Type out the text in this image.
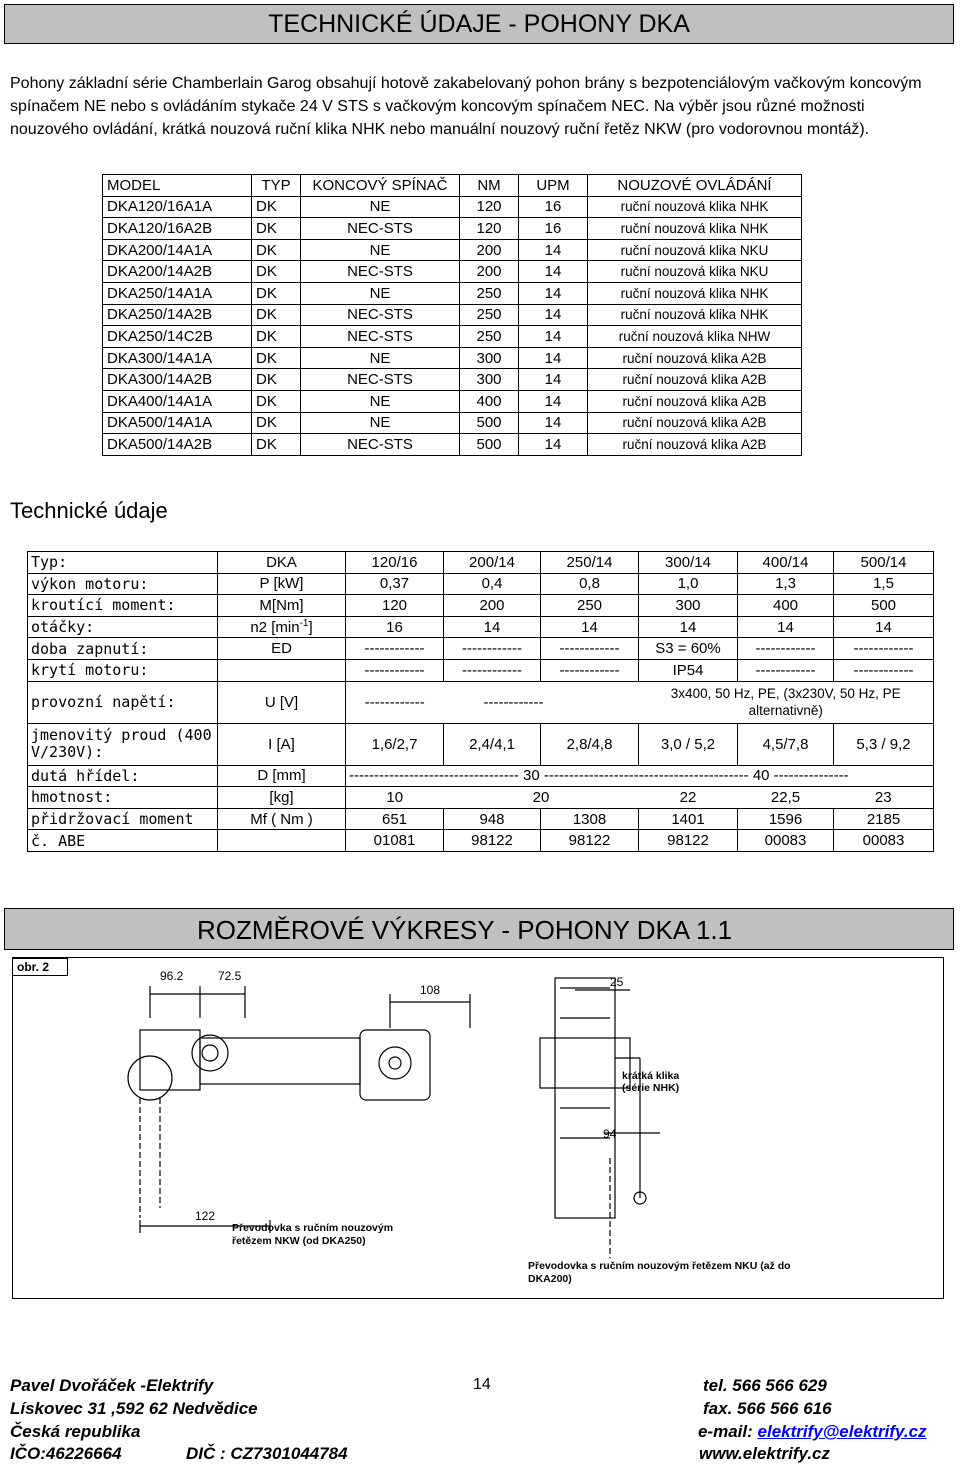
TECHNICKÉ ÚDAJE - POHONY DKA
Pohony základní série Chamberlain Garog obsahují hotově zakabelovaný pohon brány s bezpotenciálovým vačkovým koncovým spínačem NE nebo s ovládáním stykače 24 V STS s vačkovým koncovým spínačem NEC. Na výběr jsou různé možnosti nouzového ovládání, krátká nouzová ruční klika NHK nebo manuální nouzový ruční řetěz NKW (pro vodorovnou montáž).
MODEL	TYP	KONCOVÝ SPÍNAČ	NM	UPM	NOUZOVÉ OVLÁDÁNÍ
DKA120/16A1A	DK	NE	120	16	ruční nouzová klika NHK
DKA120/16A2B	DK	NEC-STS	120	16	ruční nouzová klika NHK
DKA200/14A1A	DK	NE	200	14	ruční nouzová klika NKU
DKA200/14A2B	DK	NEC-STS	200	14	ruční nouzová klika NKU
DKA250/14A1A	DK	NE	250	14	ruční nouzová klika NHK
DKA250/14A2B	DK	NEC-STS	250	14	ruční nouzová klika NHK
DKA250/14C2B	DK	NEC-STS	250	14	ruční nouzová klika NHW
DKA300/14A1A	DK	NE	300	14	ruční nouzová klika A2B
DKA300/14A2B	DK	NEC-STS	300	14	ruční nouzová klika A2B
DKA400/14A1A	DK	NE	400	14	ruční nouzová klika A2B
DKA500/14A1A	DK	NE	500	14	ruční nouzová klika A2B
DKA500/14A2B	DK	NEC-STS	500	14	ruční nouzová klika A2B
Technické údaje
Typ:	DKA	120/16	200/14	250/14	300/14	400/14	500/14
výkon motoru:	P [kW]	0,37	0,4	0,8	1,0	1,3	1,5
kroutící moment:	M[Nm]	120	200	250	300	400	500
otáčky:	n2 $[\min^{-1}]$	16	14	14	14	14	14
doba zapnutí:	ED	------------	------------	------------	S3 = 60%	------------	------------
krytí motoru:		------------	------------	------------	IP54	------------	------------
provozní napětí:	U [V]	------------	------------		3x400, 50 Hz, PE, (3x230V, 50 Hz, PE alternativně)		
jmenovitý proud (400 V/230V):	I [A]	1,6/2,7	2,4/4,1	2,8/4,8	3,0 / 5,2	4,5/7,8	5,3 / 9,2
dutá hřídel:	D [mm]	---------------------------------- 30 ----------------------------------------- 40 ---------------					
hmotnost:	[kg]	10	20		22	22,5	23
přidržovací moment	Mf ( Nm )	651	948	1308	1401	1596	2185
č. ABE		01081	98122	98122	98122	00083	00083
ROZMĚROVÉ VÝKRESY - POHONY DKA 1.1
obr. 2
96.2	72.5
108
25
94
122
krátká klika (série NHK)
Převodovka s ručním nouzovým řetězem NKW (od DKA250)
Převodovka s ručním nouzovým řetězem NKU (až do DKA200)
Pavel Dvořáček -Elektrify
Lískovec 31 ,592 62 Nedvědice
Česká republika
IČO:46226664	DIČ : CZ7301044784
14	tel. 566 566 629
fax. 566 566 616
e-mail: elektrify@elektrify.cz
www.elektrify.cz
